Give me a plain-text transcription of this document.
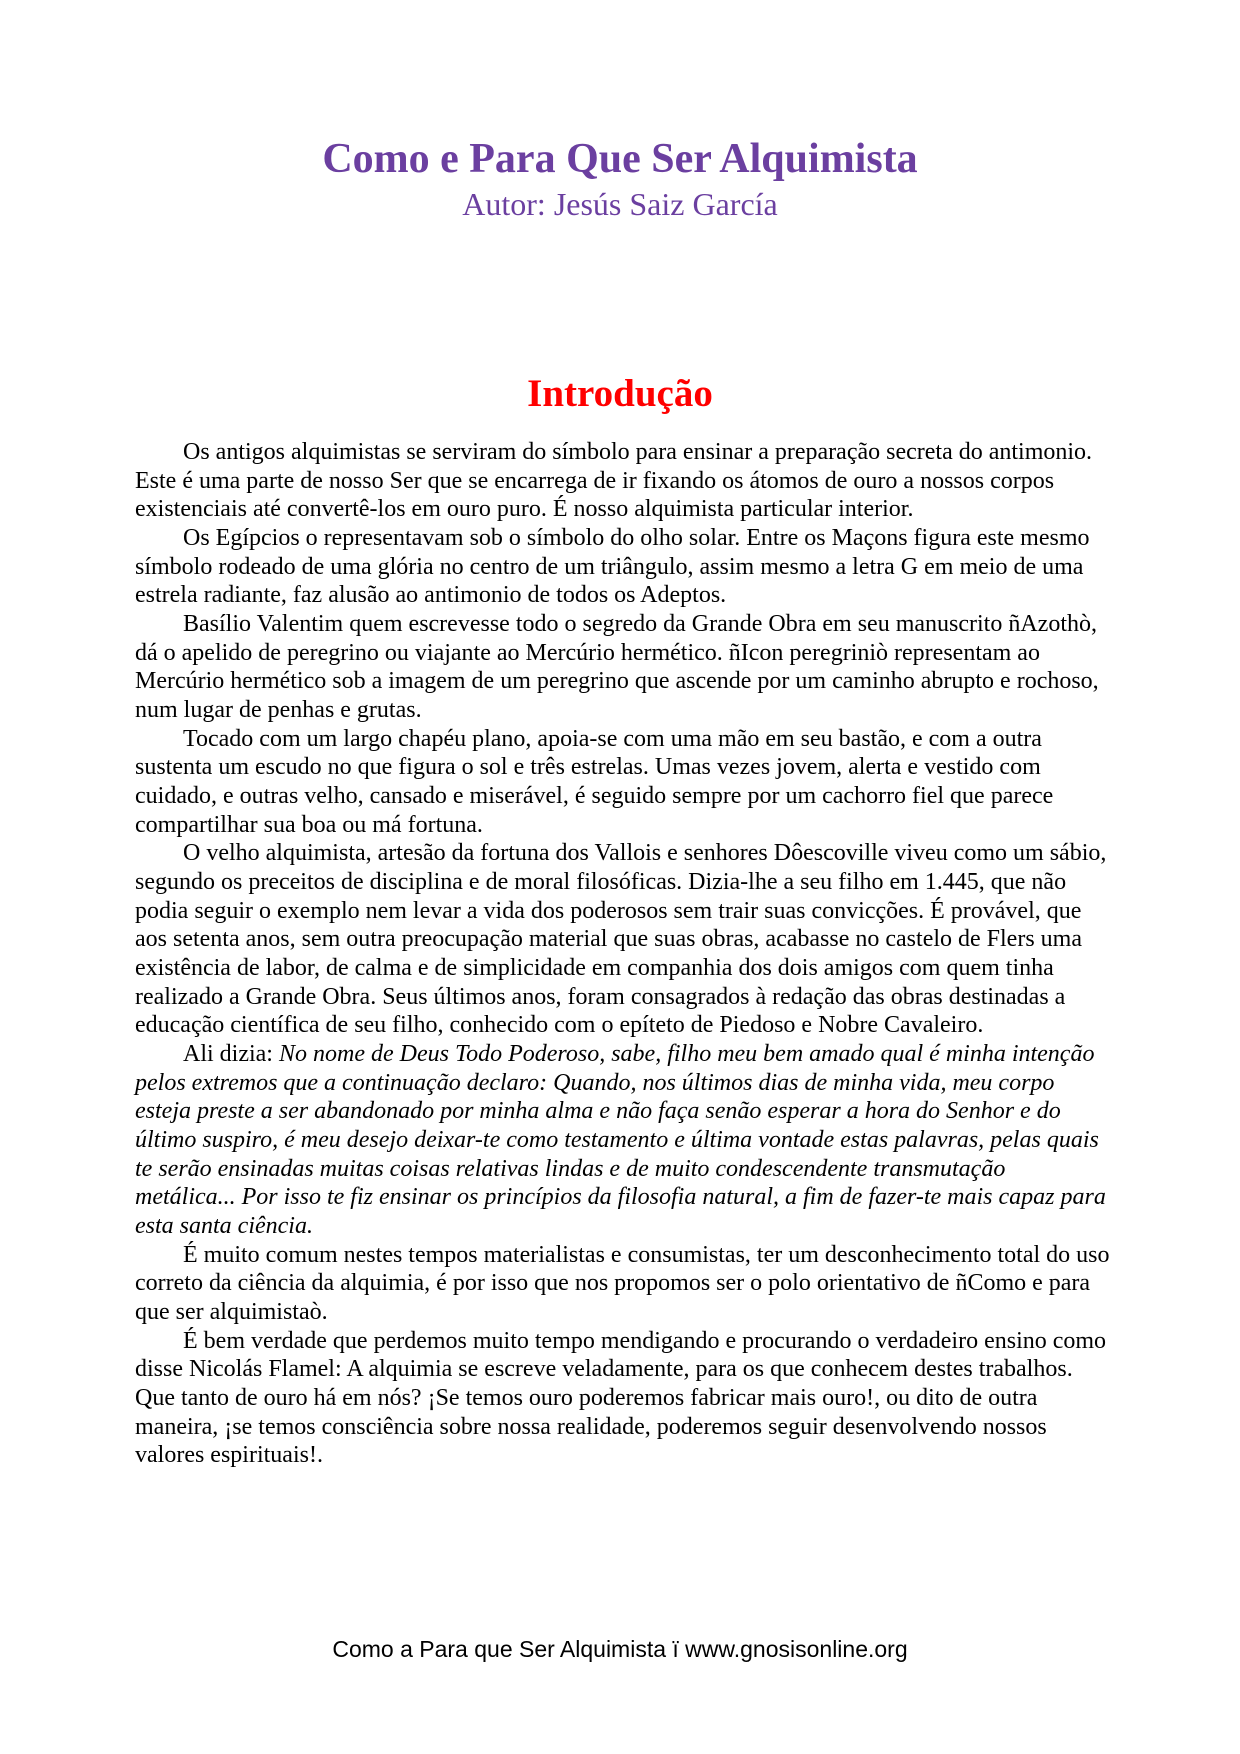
Como e Para Que Ser Alquimista
Autor: Jesús Saiz García
Introdução

Os antigos alquimistas se serviram do símbolo para ensinar a preparação secreta do antimonio. Este é uma parte de nosso Ser que se encarrega de ir fixando os átomos de ouro a nossos corpos existenciais até convertê-los em ouro puro. É nosso alquimista particular interior.

Os Egípcios o representavam sob o símbolo do olho solar. Entre os Maçons figura este mesmo símbolo rodeado de uma glória no centro de um triângulo, assim mesmo a letra G em meio de uma estrela radiante, faz alusão ao antimonio de todos os Adeptos.

Basílio Valentim quem escrevesse todo o segredo da Grande Obra em seu manuscrito ñAzothò, dá o apelido de peregrino ou viajante ao Mercúrio hermético. ñIcon peregriniò representam ao Mercúrio hermético sob a imagem de um peregrino que ascende por um caminho abrupto e rochoso, num lugar de penhas e grutas.

Tocado com um largo chapéu plano, apoia-se com uma mão em seu bastão, e com a outra sustenta um escudo no que figura o sol e três estrelas. Umas vezes jovem, alerta e vestido com cuidado, e outras velho, cansado e miserável, é seguido sempre por um cachorro fiel que parece compartilhar sua boa ou má fortuna.

O velho alquimista, artesão da fortuna dos Vallois e senhores Dôescoville viveu como um sábio, segundo os preceitos de disciplina e de moral filosóficas. Dizia-lhe a seu filho em 1.445, que não podia seguir o exemplo nem levar a vida dos poderosos sem trair suas convicções. É provável, que aos setenta anos, sem outra preocupação material que suas obras, acabasse no castelo de Flers uma existência de labor, de calma e de simplicidade em companhia dos dois amigos com quem tinha realizado a Grande Obra. Seus últimos anos, foram consagrados à redação das obras destinadas a educação científica de seu filho, conhecido com o epíteto de Piedoso e Nobre Cavaleiro.

Ali dizia: No nome de Deus Todo Poderoso, sabe, filho meu bem amado qual é minha intenção pelos extremos que a continuação declaro: Quando, nos últimos dias de minha vida, meu corpo esteja preste a ser abandonado por minha alma e não faça senão esperar a hora do Senhor e do último suspiro, é meu desejo deixar-te como testamento e última vontade estas palavras, pelas quais te serão ensinadas muitas coisas relativas lindas e de muito condescendente transmutação metálica... Por isso te fiz ensinar os princípios da filosofia natural, a fim de fazer-te mais capaz para esta santa ciência.

É muito comum nestes tempos materialistas e consumistas, ter um desconhecimento total do uso correto da ciência da alquimia, é por isso que nos propomos ser o polo orientativo de ñComo e para que ser alquimistaò.

É bem verdade que perdemos muito tempo mendigando e procurando o verdadeiro ensino como disse Nicolás Flamel: A alquimia se escreve veladamente, para os que conhecem destes trabalhos. Que tanto de ouro há em nós? ¡Se temos ouro poderemos fabricar mais ouro!, ou dito de outra maneira, ¡se temos consciência sobre nossa realidade, poderemos seguir desenvolvendo nossos valores espirituais!.

Como a Para que Ser Alquimista ï www.gnosisonline.org
